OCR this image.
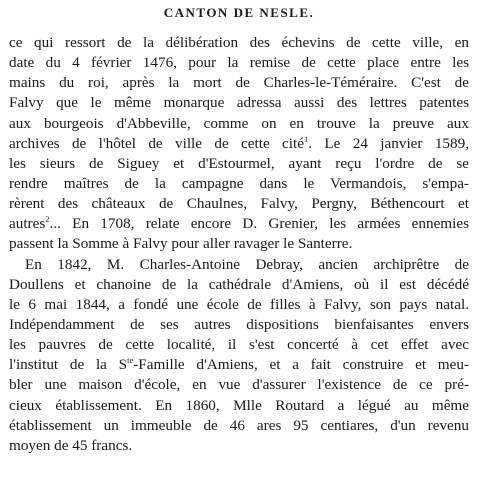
CANTON DE NESLE.
ce qui ressort de la délibération des échevins de cette ville, en
date du 4 février 1476, pour la remise de cette place entre les
mains du roi, après la mort de Charles-le-Téméraire. C'est de
Falvy que le même monarque adressa aussi des lettres patentes
aux bourgeois d'Abbeville, comme on en trouve la preuve aux
archives de l'hôtel de ville de cette cité$^1$. Le 24 janvier 1589,
les sieurs de Siguey et d'Estourmel, ayant reçu l'ordre de se
rendre maîtres de la campagne dans le Vermandois, s'empa-
rèrent des châteaux de Chaulnes, Falvy, Pergny, Béthencourt et
autres$^2$... En 1708, relate encore D. Grenier, les armées ennemies
passent la Somme à Falvy pour aller ravager le Santerre.
En 1842, M. Charles-Antoine Debray, ancien archiprêtre de
Doullens et chanoine de la cathédrale d'Amiens, où il est décédé
le 6 mai 1844, a fondé une école de filles à Falvy, son pays natal.
Indépendamment de ses autres dispositions bienfaisantes envers
les pauvres de cette localité, il s'est concerté à cet effet avec
l'institut de la $S^{te}$-Famille d'Amiens, et a fait construire et meu-
bler une maison d'école, en vue d'assurer l'existence de ce pré-
cieux établissement. En 1860, Mlle Routard a légué au même
établissement un immeuble de 46 ares 95 centiares, d'un revenu
moyen de 45 francs.
